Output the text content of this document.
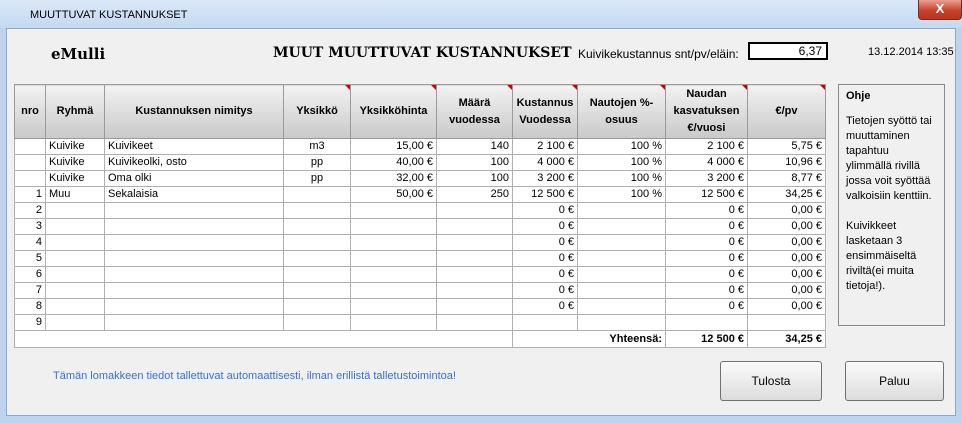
MUUTTUVAT KUSTANNUKSET	X
eMulli	MUUT MUUTTUVAT KUSTANNUKSET Kuivikekustannus snt/pv/eläin:	6,37	13.12.2014 13:35
nro	Ryhmä	Kustannuksen nimitys	Yksikkö	Yksikköhinta	Määrä vuodessa	Kustannus Vuodessa	Nautojen %- osuus	Naudan kasvatuksen €/vuosi	€/pv
	Kuivike	Kuivikeet	m3	15,00 €	140	2 100 €	100 %	2 100 €	5,75 €
	Kuivike	Kuivikeolki, osto	pp	40,00 €	100	4 000 €	100 %	4 000 €	10,96 €
	Kuivike	Oma olki	pp	32,00 €	100	3 200 €	100 %	3 200 €	8,77 €
1	Muu	Sekalaisia		50,00 €	250	12 500 €	100 %	12 500 €	34,25 €
2						0 €		0 €	0,00 €
3						0 €		0 €	0,00 €
4						0 €		0 €	0,00 €
5						0 €		0 €	0,00 €
6						0 €		0 €	0,00 €
7						0 €		0 €	0,00 €
8						0 €		0 €	0,00 €
9									
						Yhteensä:		12 500 €	34,25 €
Ohje
Tietojen syöttö tai muuttaminen tapahtuu ylimmällä rivillä jossa voit syöttää valkoisiin kenttiin.
Kuivikkeet lasketaan 3 ensimmäiseltä riviltä(ei muita tietoja!).
Tämän lomakkeen tiedot tallettuvat automaattisesti, ilman erillistä talletustoimintoa!	Tulosta	Paluu
